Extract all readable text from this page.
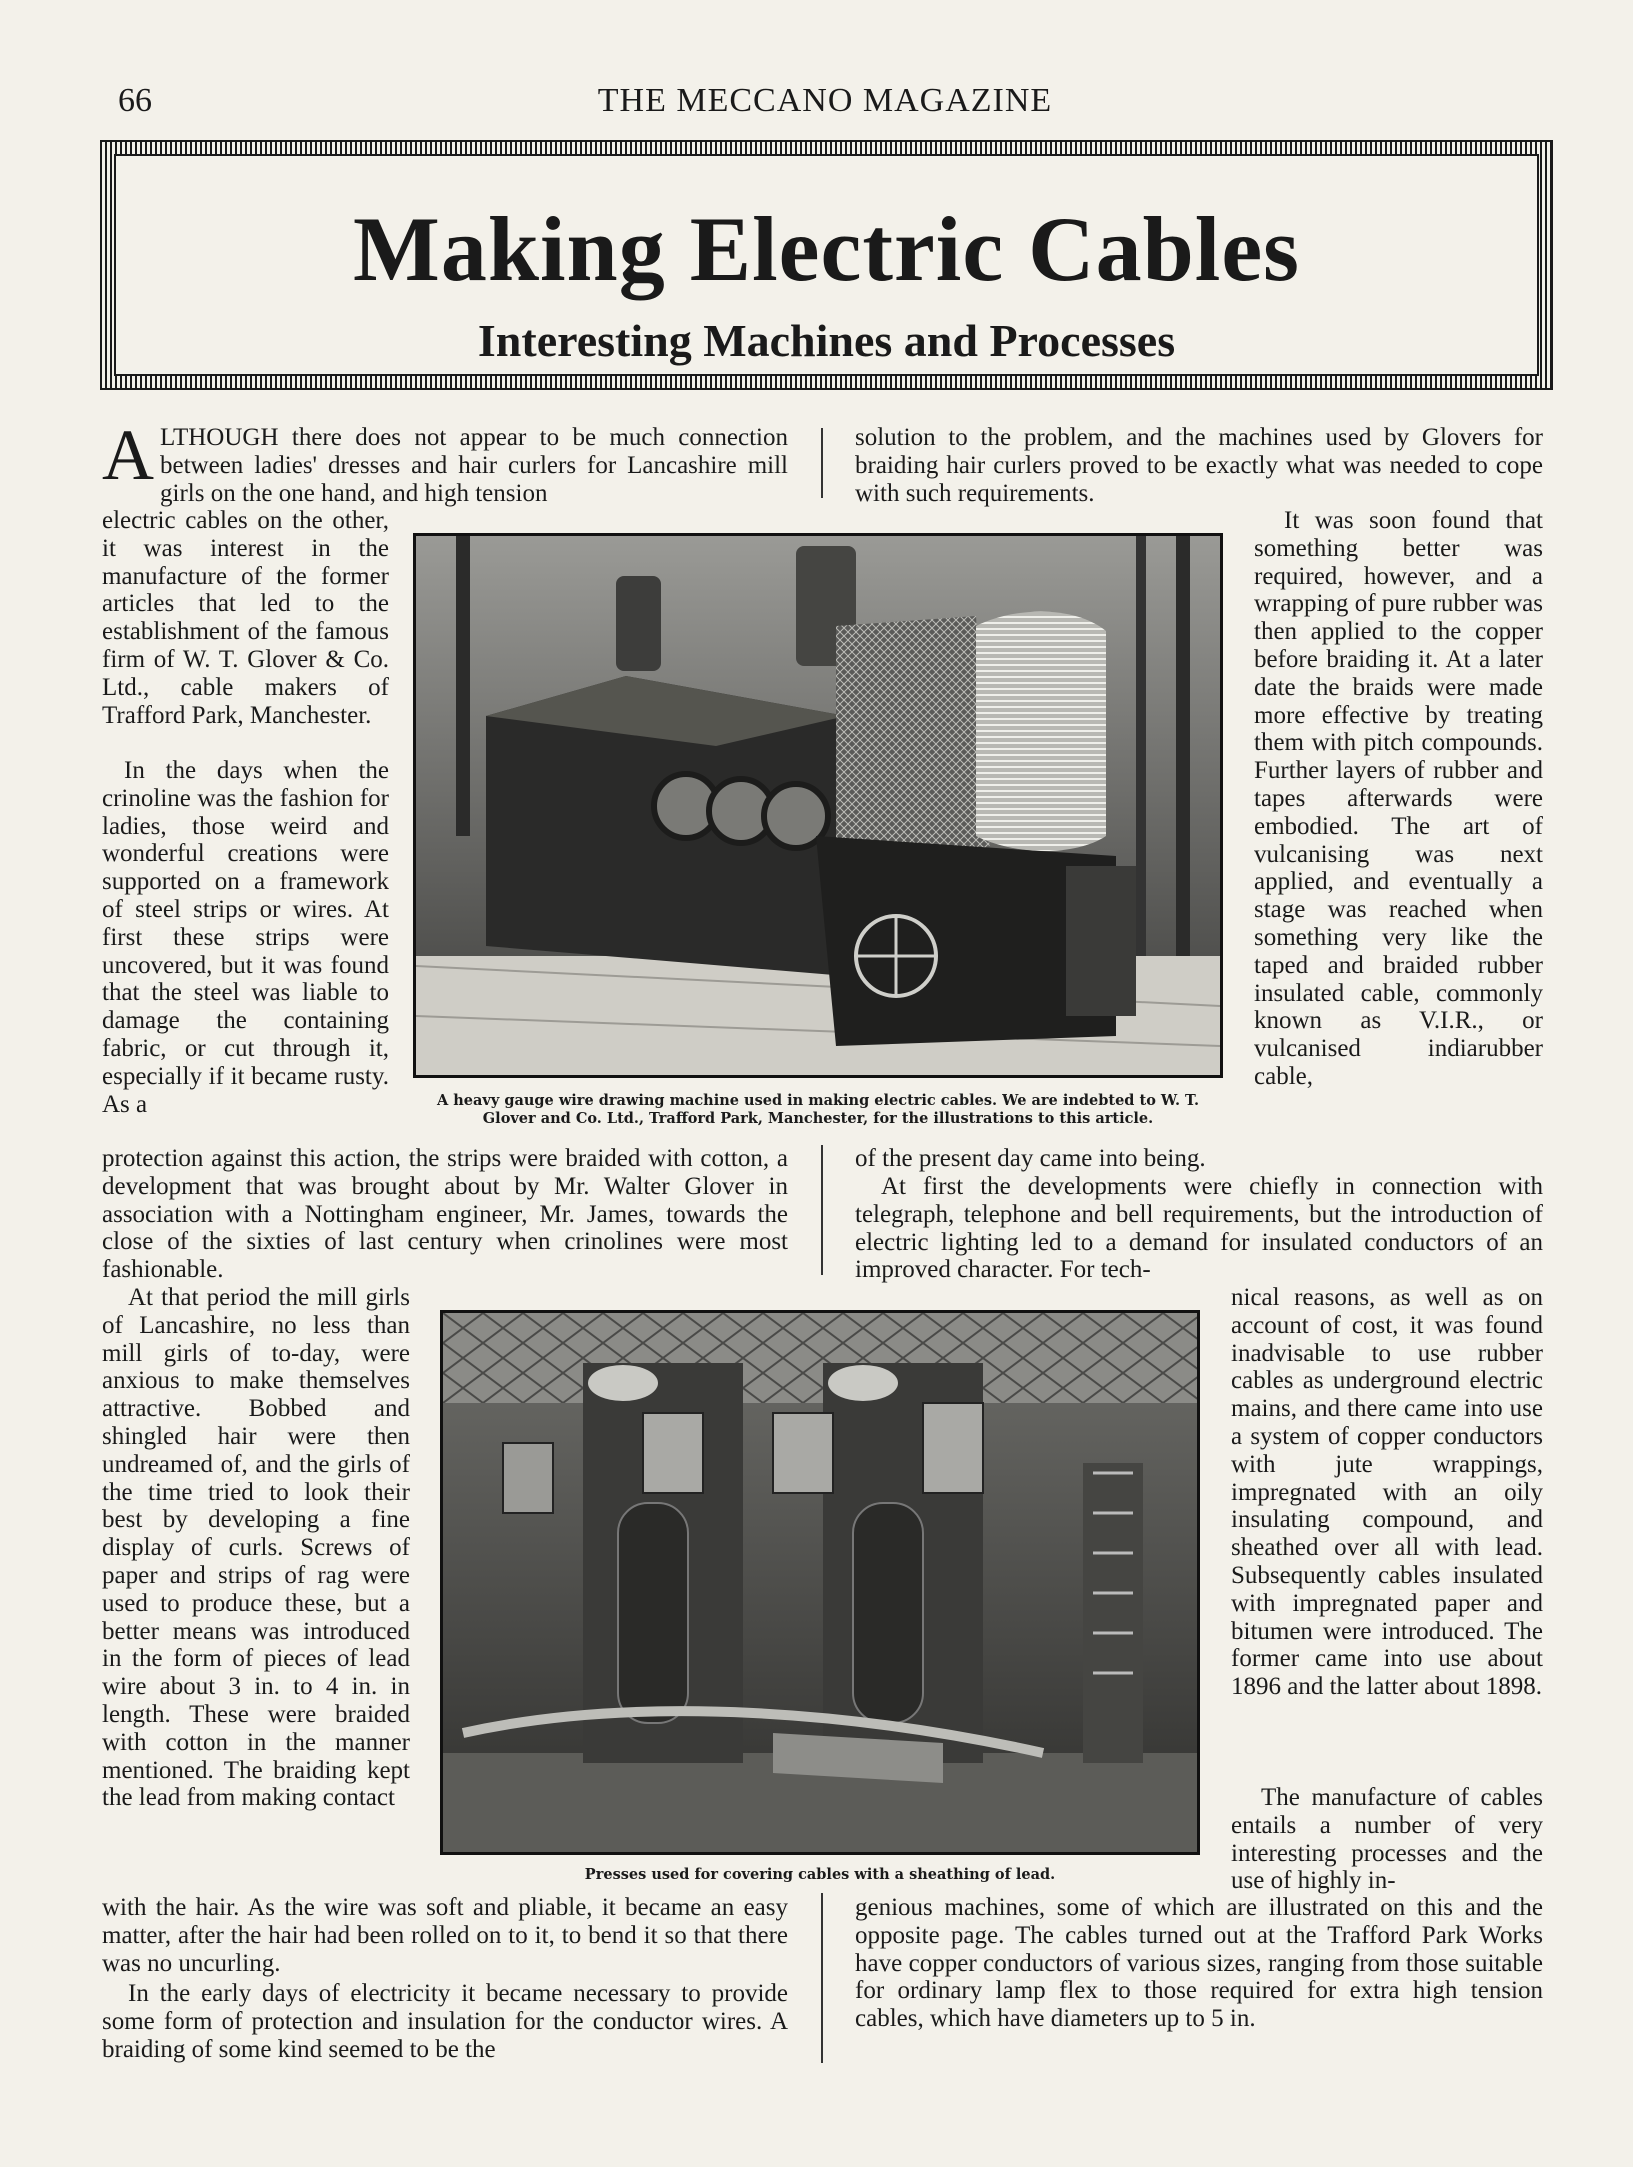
66	THE MECCANO MAGAZINE
Making Electric Cables
Interesting Machines and Processes
ALTHOUGH there does not appear to be much connection between ladies' dresses and hair curlers for Lancashire mill girls on the one hand, and high tension

electric cables on the other, it was interest in the manufacture of the former articles that led to the establishment of the famous firm of W. T. Glover & Co. Ltd., cable makers of Trafford Park, Manchester.

In the days when the crinoline was the fashion for ladies, those weird and wonderful creations were supported on a framework of steel strips or wires. At first these strips were uncovered, but it was found that the steel was liable to damage the containing fabric, or cut through it, especially if it became rusty. As a

protection against this action, the strips were braided with cotton, a development that was brought about by Mr. Walter Glover in association with a Nottingham engineer, Mr. James, towards the close of the sixties of last century when crinolines were most fashionable.

At that period the mill girls of Lancashire, no less than mill girls of to-day, were anxious to make themselves attractive. Bobbed and shingled hair were then undreamed of, and the girls of the time tried to look their best by developing a fine display of curls. Screws of paper and strips of rag were used to produce these, but a better means was introduced in the form of pieces of lead wire about 3 in. to 4 in. in length. These were braided with cotton in the manner mentioned. The braiding kept the lead from making contact

with the hair. As the wire was soft and pliable, it became an easy matter, after the hair had been rolled on to it, to bend it so that there was no uncurling.

In the early days of electricity it became necessary to provide some form of protection and insulation for the conductor wires. A braiding of some kind seemed to be the

solution to the problem, and the machines used by Glovers for braiding hair curlers proved to be exactly what was needed to cope with such requirements.

It was soon found that something better was required, however, and a wrapping of pure rubber was then applied to the copper before braiding it. At a later date the braids were made more effective by treating them with pitch compounds. Further layers of rubber and tapes afterwards were embodied. The art of vulcanising was next applied, and eventually a stage was reached when something very like the taped and braided rubber insulated cable, commonly known as V.I.R., or vulcanised indiarubber cable,

of the present day came into being.

At first the developments were chiefly in connection with telegraph, telephone and bell requirements, but the introduction of electric lighting led to a demand for insulated conductors of an improved character. For tech-

nical reasons, as well as on account of cost, it was found inadvisable to use rubber cables as underground electric mains, and there came into use a system of copper conductors with jute wrappings, impregnated with an oily insulating compound, and sheathed over all with lead. Subsequently cables insulated with impregnated paper and bitumen were introduced. The former came into use about 1896 and the latter about 1898.

The manufacture of cables entails a number of very interesting processes and the use of highly in-

genious machines, some of which are illustrated on this and the opposite page. The cables turned out at the Trafford Park Works have copper conductors of various sizes, ranging from those suitable for ordinary lamp flex to those required for extra high tension cables, which have diameters up to 5 in.

A heavy gauge wire drawing machine used in making electric cables. We are indebted to W. T. Glover and Co. Ltd., Trafford Park, Manchester, for the illustrations to this article.
Presses used for covering cables with a sheathing of lead.
